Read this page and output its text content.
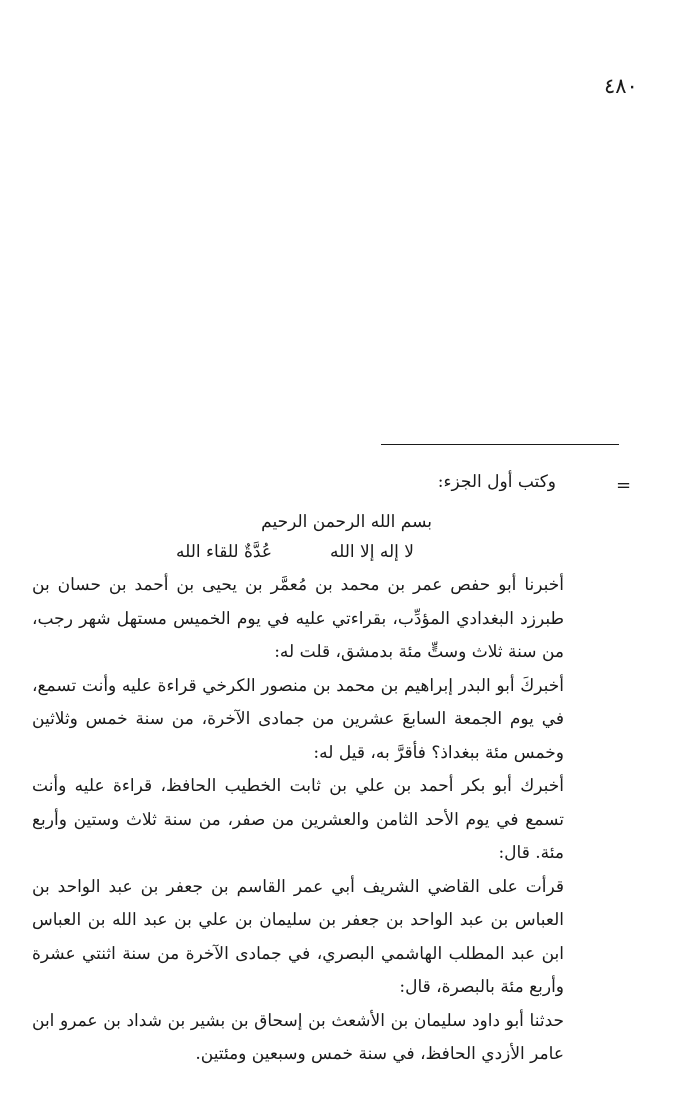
٤٨٠
=

وكتب أول الجزء:

بسم الله الرحمن الرحيم

لا إله إلا الله
عُدَّةٌ للقاء الله

أخبرنا أبو حفص عمر بن محمد بن مُعمَّر بن يحيى بن أحمد بن حسان بن طبرزد البغدادي المؤدِّب، بقراءتي عليه في يوم الخميس مستهل شهر رجب، من سنة ثلاث وستٍّ مئة بدمشق، قلت له:

أخبركَ أبو البدر إبراهيم بن محمد بن منصور الكرخي قراءة عليه وأنت تسمع، في يوم الجمعة السابعَ عشرين من جمادى الآخرة، من سنة خمس وثلاثين وخمس مئة ببغداذ؟ فأقرَّ به، قيل له:

أخبرك أبو بكر أحمد بن علي بن ثابت الخطيب الحافظ، قراءة عليه وأنت تسمع في يوم الأحد الثامن والعشرين من صفر، من سنة ثلاث وستين وأربع مئة. قال:

قرأت على القاضي الشريف أبي عمر القاسم بن جعفر بن عبد الواحد بن العباس بن عبد الواحد بن جعفر بن سليمان بن علي بن عبد الله بن العباس ابن عبد المطلب الهاشمي البصري، في جمادى الآخرة من سنة اثنتي عشرة وأربع مئة بالبصرة، قال:

حدثنا أبو داود سليمان بن الأشعث بن إسحاق بن بشير بن شداد بن عمرو ابن عامر الأزدي الحافظ، في سنة خمس وسبعين ومئتين.
